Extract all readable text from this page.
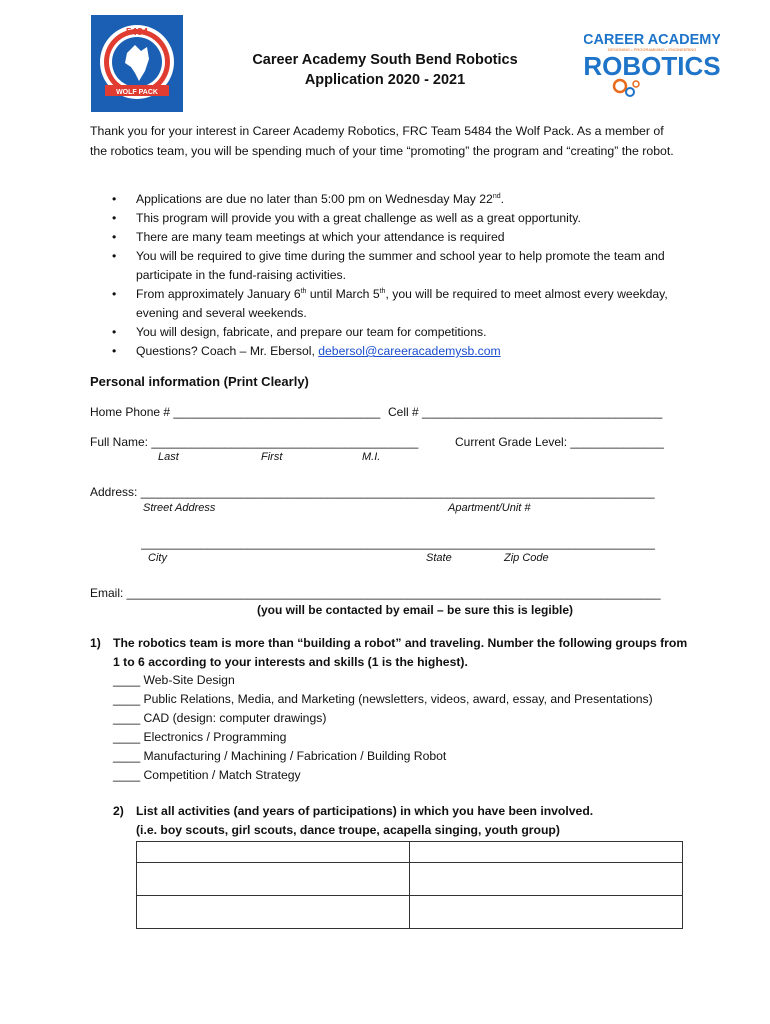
5484
WOLF PACK
CAREER ACADEMY
DESIGNING • PROGRAMMING • ENGINEERING
ROBOTICS
Career Academy South Bend Robotics
Application 2020 - 2021
Thank you for your interest in Career Academy Robotics, FRC Team 5484 the Wolf Pack. As a member of the robotics team, you will be spending much of your time “promoting” the program and “creating” the robot.
• Applications are due no later than 5:00 pm on Wednesday May 22nd.
• This program will provide you with a great challenge as well as a great opportunity.
• There are many team meetings at which your attendance is required
• You will be required to give time during the summer and school year to help promote the team and participate in the fund-raising activities.
• From approximately January 6th until March 5th, you will be required to meet almost every weekday, evening and several weekends.
• You will design, fabricate, and prepare our team for competitions.
• Questions? Coach – Mr. Ebersol, debersol@careeracademysb.com
Personal information (Print Clearly)
Home Phone # _______________________________ Cell # ____________________________________
Full Name: ________________________________________	Current Grade Level: ______________
Last	First	M.I.
Address: _____________________________________________________________________________
Street Address	Apartment/Unit #
_____________________________________________________________________________
City	State	Zip Code
Email: ________________________________________________________________________________
(you will be contacted by email – be sure this is legible)
1) The robotics team is more than “building a robot” and traveling. Number the following groups from 1 to 6 according to your interests and skills (1 is the highest).
____ Web-Site Design
____ Public Relations, Media, and Marketing (newsletters, videos, award, essay, and Presentations)
____ CAD (design: computer drawings)
____ Electronics / Programming
____ Manufacturing / Machining / Fabrication / Building Robot
____ Competition / Match Strategy
2) List all activities (and years of participations) in which you have been involved.
(i.e. boy scouts, girl scouts, dance troupe, acapella singing, youth group)
